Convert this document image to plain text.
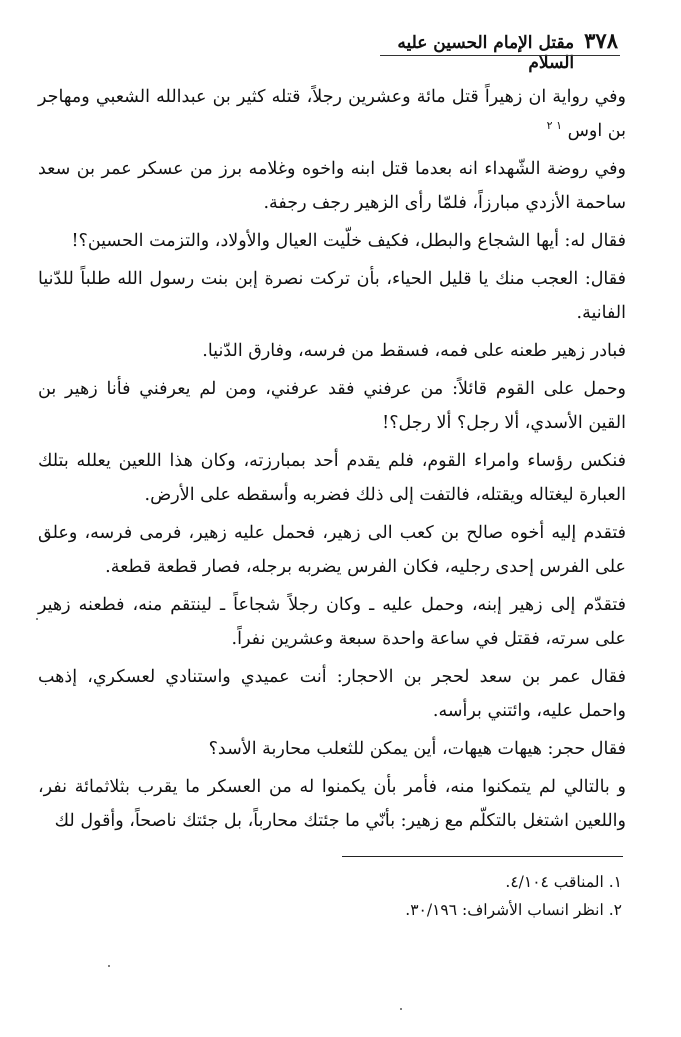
٣٧٨
مقتل الإمام الحسين عليه السلام

وفي رواية ان زهيراً قتل مائة وعشرين رجلاً، قتله كثير بن عبدالله الشعبي ومهاجر بن اوس $^{١ ٢}$

وفي روضة الشّهداء انه بعدما قتل ابنه واخوه وغلامه برز من عسكر عمر بن سعد ساحمة الأزدي مبارزاً، فلمّا رأى الزهير رجف رجفة.

فقال له: أيها الشجاع والبطل، فكيف خلّيت العيال والأولاد، والتزمت الحسين؟!

فقال: العجب منك يا قليل الحياء، بأن تركت نصرة إبن بنت رسول الله طلباً للدّنيا الفانية.

فبادر زهير طعنه على فمه، فسقط من فرسه، وفارق الدّنيا.

وحمل على القوم قائلاً: من عرفني فقد عرفني، ومن لم يعرفني فأنا زهير بن القين الأسدي، ألا رجل؟ ألا رجل؟!

فنكس رؤساء وامراء القوم، فلم يقدم أحد بمبارزته، وكان هذا اللعين يعلله بتلك العبارة ليغتاله ويقتله، فالتفت إلى ذلك فضربه وأسقطه على الأرض.

فتقدم إليه أخوه صالح بن كعب الى زهير، فحمل عليه زهير، فرمى فرسه، وعلق على الفرس إحدى رجليه، فكان الفرس يضربه برجله، فصار قطعة قطعة.

فتقدّم إلى زهير إبنه، وحمل عليه ـ وكان رجلاً شجاعاً ـ لينتقم منه، فطعنه زهير على سرته، فقتل في ساعة واحدة سبعة وعشرين نفراً.

فقال عمر بن سعد لحجر بن الاحجار: أنت عميدي واستنادي لعسكري، إذهب واحمل عليه، وائتني برأسه.

فقال حجر: هيهات هيهات، أين يمكن للثعلب محاربة الأسد؟

و بالتالي لم يتمكنوا منه، فأمر بأن يكمنوا له من العسكر ما يقرب بثلاثمائة نفر، واللعين اشتغل بالتكلّم مع زهير: بأنّي ما جئتك محارباً، بل جئتك ناصحاً، وأقول لك

١. المناقب ٤/١٠٤.
٢. انظر انساب الأشراف: ٣٠/١٩٦.
